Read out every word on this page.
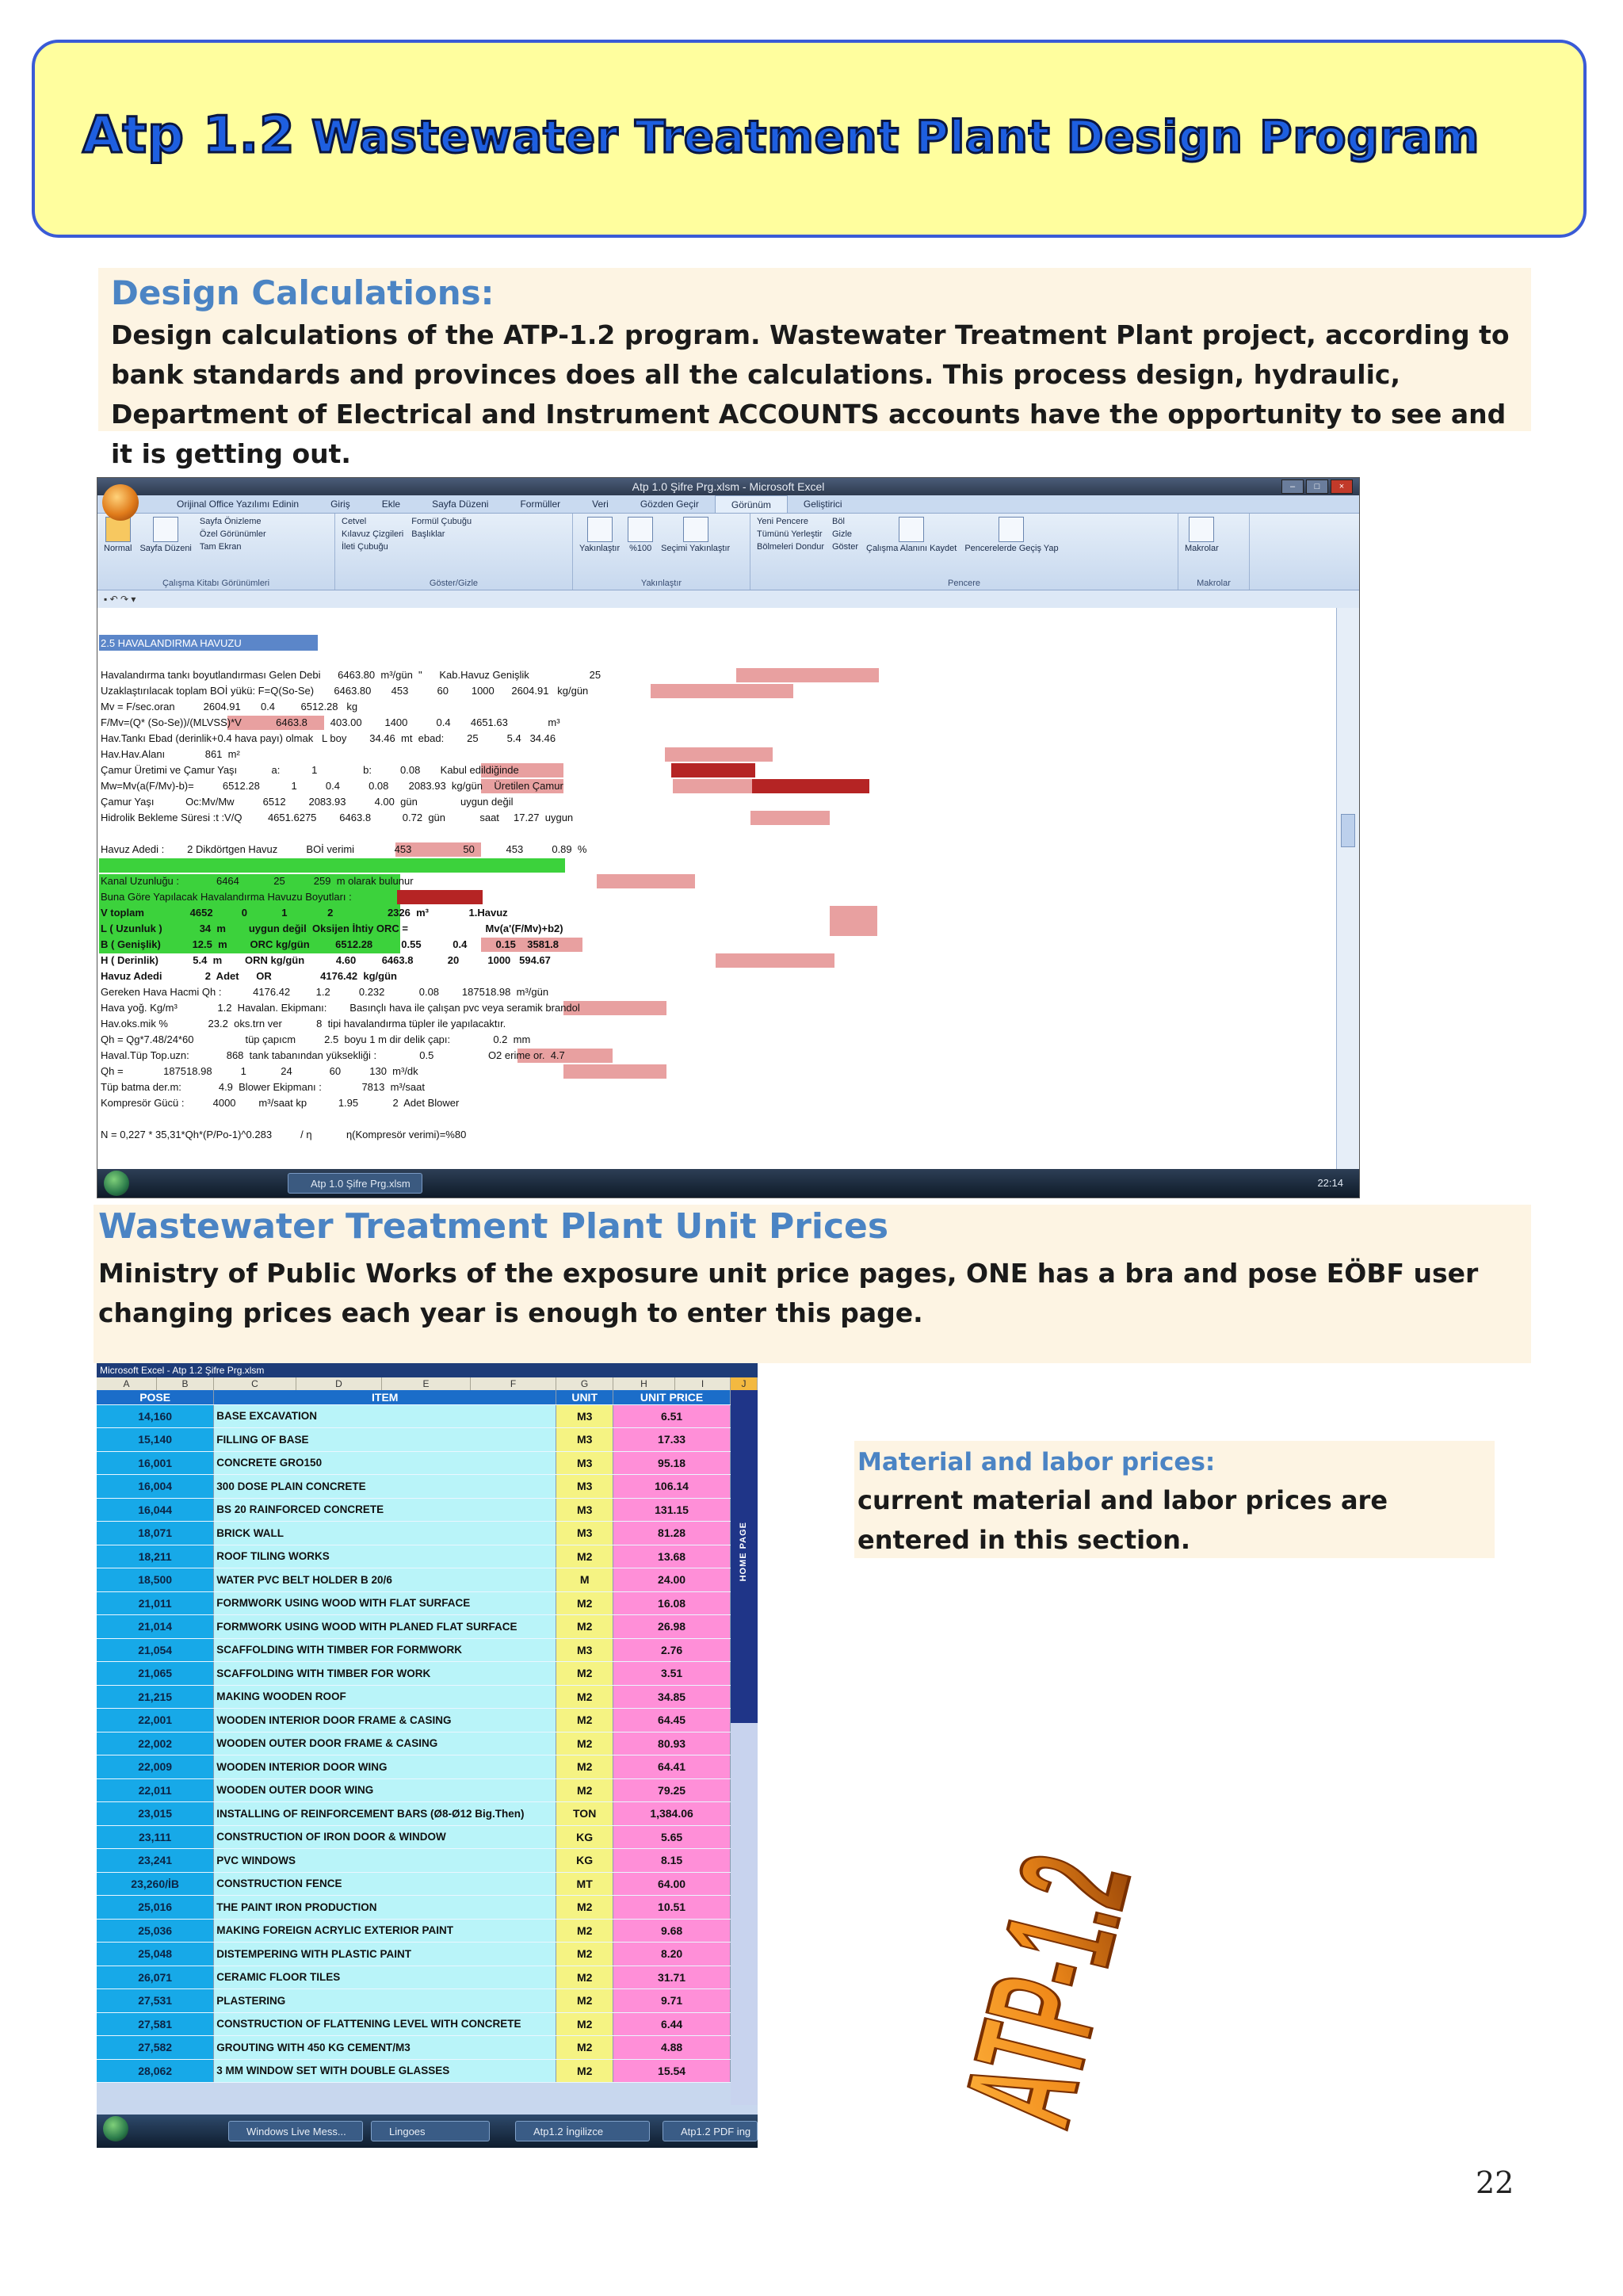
Atp 1.2 Wastewater Treatment Plant Design Program
Design Calculations:
Design calculations of the ATP-1.2 program. Wastewater Treatment Plant project, according to bank standards and provinces does all the calculations. This process design, hydraulic, Department of Electrical and Instrument ACCOUNTS accounts have the opportunity to see and it is getting out.
Atp 1.0 Şifre Prg.xlsm - Microsoft Excel	–	□	×
Orijinal Office Yazılımı Edinin	Giriş	Ekle	Sayfa Düzeni	Formüller	Veri	Gözden Geçir	Görünüm	Geliştirici
Normal Sayfa Düzeni
Sayfa Önizleme
Özel Görünümler
Tam Ekran
Çalışma Kitabı Görünümleri
Cetvel
Kılavuz Çizgileri
İleti Çubuğu
Formül Çubuğu
Başlıklar
Göster/Gizle
Yakınlaştır %100 Seçimi Yakınlaştır
Yakınlaştır
Yeni Pencere
Tümünü Yerleştir
Bölmeleri Dondur
Böl
Gizle
Göster Çalışma Alanını Kaydet Pencerelerde Geçiş Yap
Pencere
Makrolar
Makrolar
▪ ↶ ↷ ▾
2.5 HAVALANDIRMA HAVUZU
Havalandırma tankı boyutlandırması Gelen Debi      6463.80  m³/gün  "      Kab.Havuz Genişlik                     25
Uzaklaştırılacak toplam BOİ yükü: F=Q(So-Se)       6463.80       453          60        1000      2604.91   kg/gün
Mv = F/sec.oran          2604.91       0.4         6512.28   kg
F/Mv=(Q* (So-Se))/(MLVSS)*V            6463.8        403.00        1400          0.4       4651.63              m³
Hav.Tankı Ebad (derinlik+0.4 hava payı) olmak   L boy        34.46  mt  ebad:        25          5.4   34.46
Hav.Hav.Alanı              861  m²
Çamur Üretimi ve Çamur Yaşı            a:           1                b:          0.08       Kabul edildiğinde
Mw=Mv(a(F/Mv)-b)=          6512.28           1          0.4          0.08       2083.93  kg/gün    Üretilen Çamur
Çamur Yaşı           Oc:Mv/Mw          6512        2083.93          4.00  gün               uygun değil
Hidrolik Bekleme Süresi :t :V/Q         4651.6275        6463.8           0.72  gün            saat     17.27  uygun
Havuz Adedi :        2 Dikdörtgen Havuz          BOİ verimi              453                  50           453          0.89  %
Kanal Uzunluğu :             6464            25          259  m olarak bulunur
Buna Göre Yapılacak Havalandırma Havuzu Boyutları :
V toplam                4652          0            1              2                   2326  m³              1.Havuz
L ( Uzunluk )             34  m        uygun değil  Oksijen İhtiy ORC =                           Mv(a'(F/Mv)+b2)
B ( Genişlik)           12.5  m        ORC kg/gün         6512.28          0.55           0.4          0.15    3581.8
H ( Derinlik)            5.4  m        ORN kg/gün           4.60         6463.8            20          1000   594.67
Havuz Adedi               2  Adet      OR                 4176.42  kg/gün
Gereken Hava Hacmi Qh :           4176.42         1.2          0.232            0.08        187518.98  m³/gün
Hava yoğ. Kg/m³              1.2  Havalan. Ekipmanı:        Basınçlı hava ile çalışan pvc veya seramik brandol
Hav.oks.mik %              23.2  oks.trn ver            8  tipi havalandırma tüpler ile yapılacaktır.
Qh = Qg*7.48/24*60                  tüp çapıcm          2.5  boyu 1 m dir delik çapı:               0.2  mm
Haval.Tüp Top.uzn:             868  tank tabanından yüksekliği :               0.5                   O2 erime or.  4.7
Qh =              187518.98          1            24             60          130  m³/dk
Tüp batma der.m:             4.9  Blower Ekipmanı :              7813  m³/saat
Kompresör Gücü :          4000        m³/saat kp           1.95            2  Adet Blower
N = 0,227 * 35,31*Qh*(P/Po-1)^0.283          / η            η(Kompresör verimi)=%80
Atp 1.0 Şifre Prg.xlsm	22:14
Wastewater Treatment Plant Unit Prices
Ministry of Public Works of the exposure unit price pages, ONE has a bra and pose EÖBF user changing prices each year is enough to enter this page.
Microsoft Excel - Atp 1.2 Şifre Prg.xlsm
A	B	C	D	E	F	G	H	I	J
POSE	ITEM	UNIT	UNIT PRICE
14,160	BASE EXCAVATION	M3	6.51
15,140	FILLING OF BASE	M3	17.33
16,001	CONCRETE GRO150	M3	95.18
16,004	300 DOSE PLAIN CONCRETE	M3	106.14
16,044	BS 20 RAINFORCED CONCRETE	M3	131.15
18,071	BRICK WALL	M3	81.28
18,211	ROOF TILING WORKS	M2	13.68
18,500	WATER PVC BELT HOLDER B 20/6	M	24.00
21,011	FORMWORK USING WOOD WITH FLAT SURFACE	M2	16.08
21,014	FORMWORK USING WOOD WITH PLANED FLAT SURFACE	M2	26.98
21,054	SCAFFOLDING WITH TIMBER FOR FORMWORK	M3	2.76
21,065	SCAFFOLDING WITH TIMBER FOR WORK	M2	3.51
21,215	MAKING WOODEN ROOF	M2	34.85
22,001	WOODEN INTERIOR DOOR FRAME & CASING	M2	64.45
22,002	WOODEN OUTER DOOR FRAME & CASING	M2	80.93
22,009	WOODEN INTERIOR DOOR WING	M2	64.41
22,011	WOODEN OUTER DOOR WING	M2	79.25
23,015	INSTALLING OF REINFORCEMENT BARS (Ø8-Ø12 Big.Then)	TON	1,384.06
23,111	CONSTRUCTION OF IRON DOOR & WINDOW	KG	5.65
23,241	PVC WINDOWS	KG	8.15
23,260/İB	CONSTRUCTION FENCE	MT	64.00
25,016	THE PAINT IRON PRODUCTION	M2	10.51
25,036	MAKING FOREIGN ACRYLIC EXTERIOR PAINT	M2	9.68
25,048	DISTEMPERING WITH PLASTIC PAINT	M2	8.20
26,071	CERAMIC FLOOR TILES	M2	31.71
27,531	PLASTERING	M2	9.71
27,581	CONSTRUCTION OF FLATTENING LEVEL WITH CONCRETE	M2	6.44
27,582	GROUTING WITH 450 KG CEMENT/M3	M2	4.88
28,062	3 MM WINDOW SET WITH DOUBLE GLASSES	M2	15.54
HOME PAGE
Windows Live Mess...	Lingoes	Atp1.2 İngilizce	Atp1.2 PDF ing
Material and labor prices:
current material and labor prices are entered in this section.
ATP-1.2
22
